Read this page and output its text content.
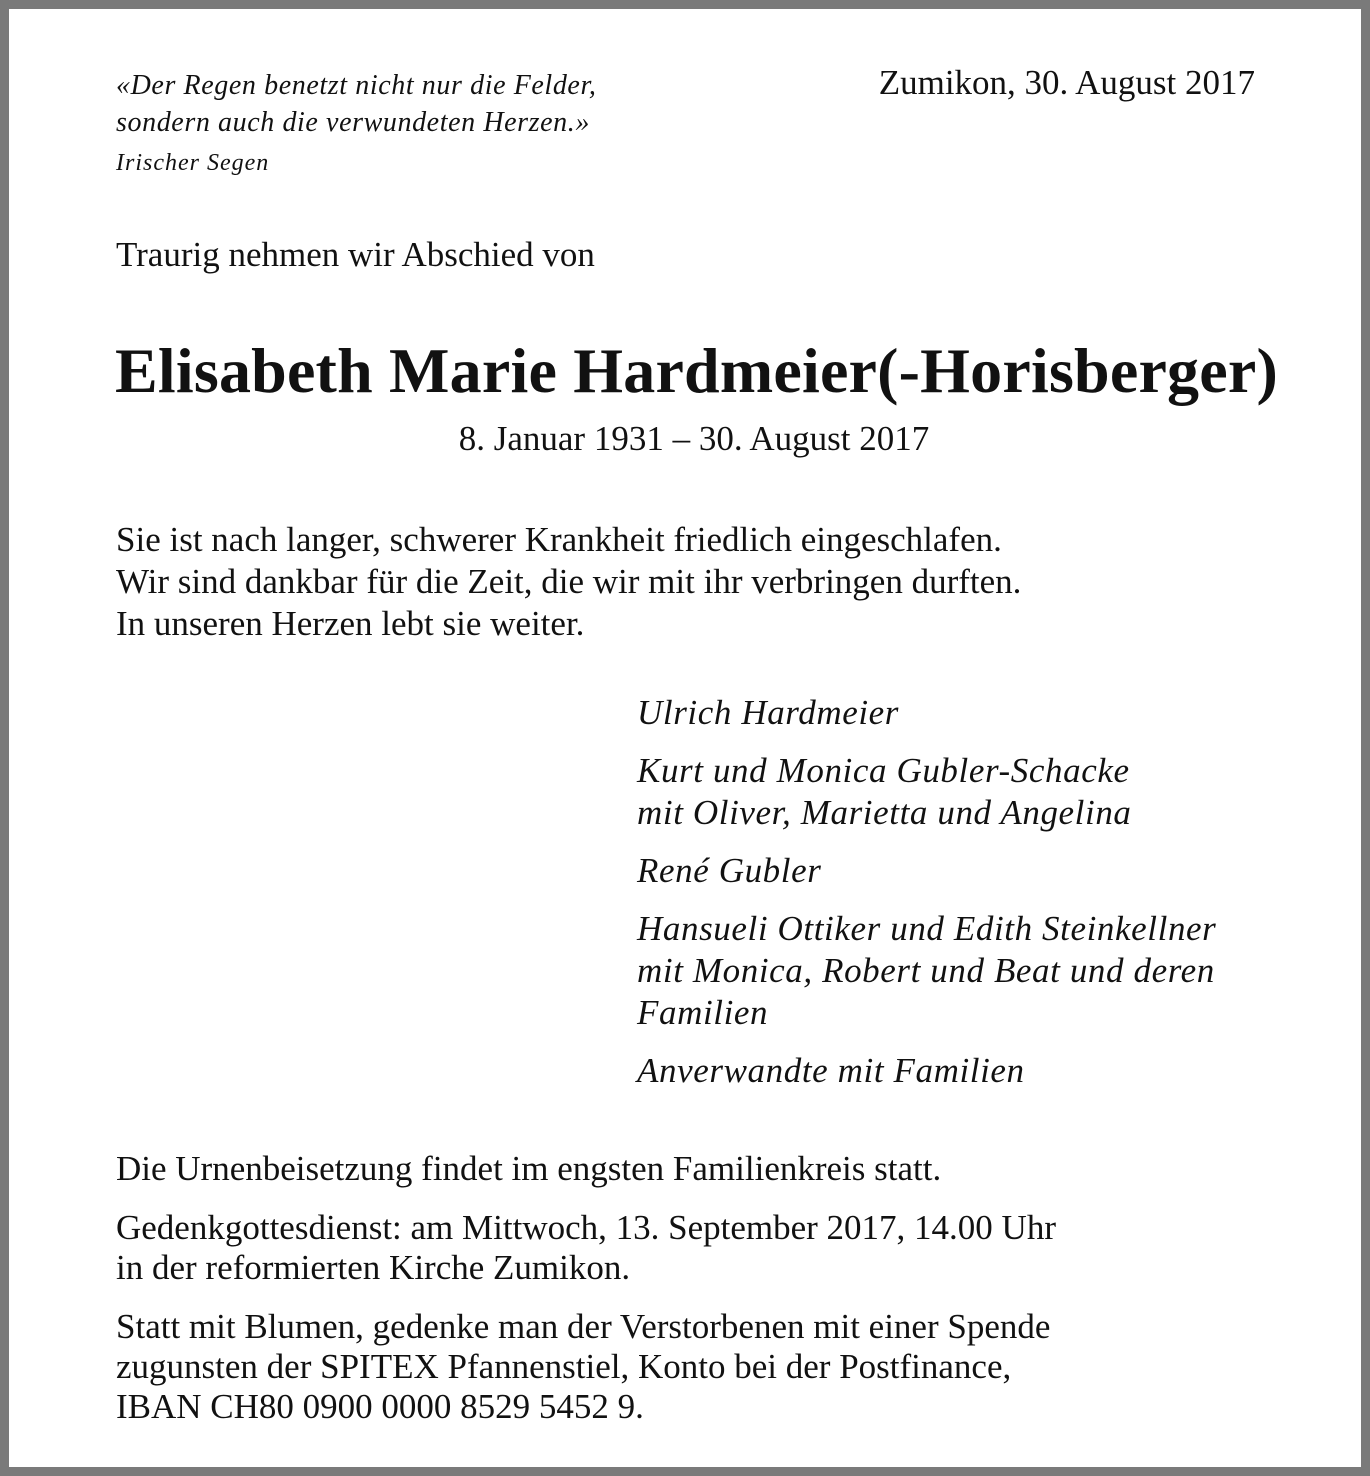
«Der Regen benetzt nicht nur die Felder,
sondern auch die verwundeten Herzen.»
Irischer Segen
Zumikon, 30. August 2017
Traurig nehmen wir Abschied von
Elisabeth Marie Hardmeier(-Horisberger)
8. Januar 1931 – 30. August 2017
Sie ist nach langer, schwerer Krankheit friedlich eingeschlafen.
Wir sind dankbar für die Zeit, die wir mit ihr verbringen durften.
In unseren Herzen lebt sie weiter.
Ulrich Hardmeier
Kurt und Monica Gubler-Schacke
mit Oliver, Marietta und Angelina
René Gubler
Hansueli Ottiker und Edith Steinkellner
mit Monica, Robert und Beat und deren
Familien
Anverwandte mit Familien
Die Urnenbeisetzung findet im engsten Familienkreis statt.
Gedenkgottesdienst: am Mittwoch, 13. September 2017, 14.00 Uhr
in der reformierten Kirche Zumikon.
Statt mit Blumen, gedenke man der Verstorbenen mit einer Spende
zugunsten der SPITEX Pfannenstiel, Konto bei der Postfinance,
IBAN CH80 0900 0000 8529 5452 9.
